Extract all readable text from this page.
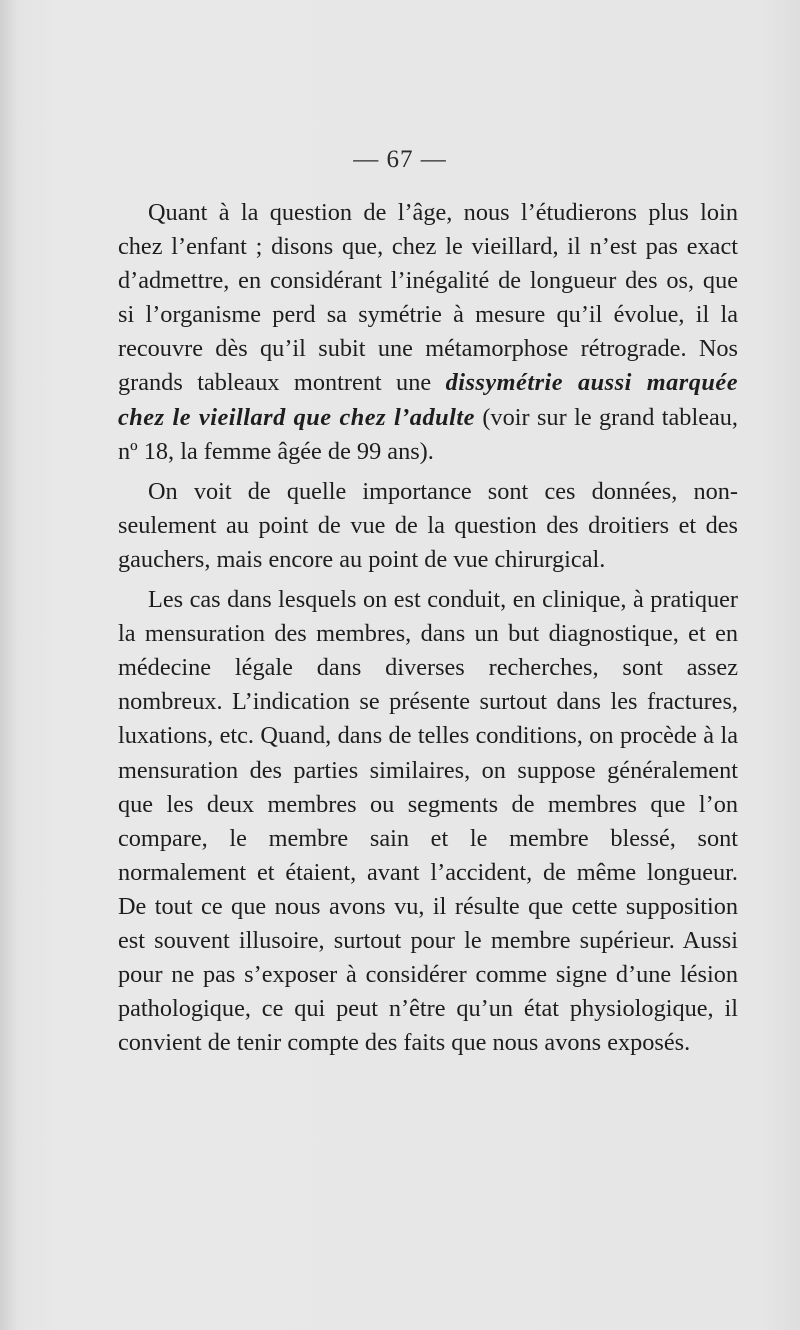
— 67 —

Quant à la question de l’âge, nous l’étudierons plus loin chez l’enfant ; disons que, chez le vieillard, il n’est pas exact d’admettre, en considérant l’inégalité de longueur des os, que si l’organisme perd sa symétrie à mesure qu’il évolue, il la recouvre dès qu’il subit une métamorphose rétrograde. Nos grands tableaux montrent une dissymétrie aussi marquée chez le vieillard que chez l’adulte (voir sur le grand tableau, nº 18, la femme âgée de 99 ans).

On voit de quelle importance sont ces données, non-seulement au point de vue de la question des droitiers et des gauchers, mais encore au point de vue chirurgical.

Les cas dans lesquels on est conduit, en clinique, à pratiquer la mensuration des membres, dans un but diagnostique, et en médecine légale dans diverses recherches, sont assez nombreux. L’indication se présente surtout dans les fractures, luxations, etc. Quand, dans de telles conditions, on procède à la mensuration des parties similaires, on suppose généralement que les deux membres ou segments de membres que l’on compare, le membre sain et le membre blessé, sont normalement et étaient, avant l’accident, de même longueur. De tout ce que nous avons vu, il résulte que cette supposition est souvent illusoire, surtout pour le membre supérieur. Aussi pour ne pas s’exposer à considérer comme signe d’une lésion pathologique, ce qui peut n’être qu’un état physiologique, il convient de tenir compte des faits que nous avons exposés.
